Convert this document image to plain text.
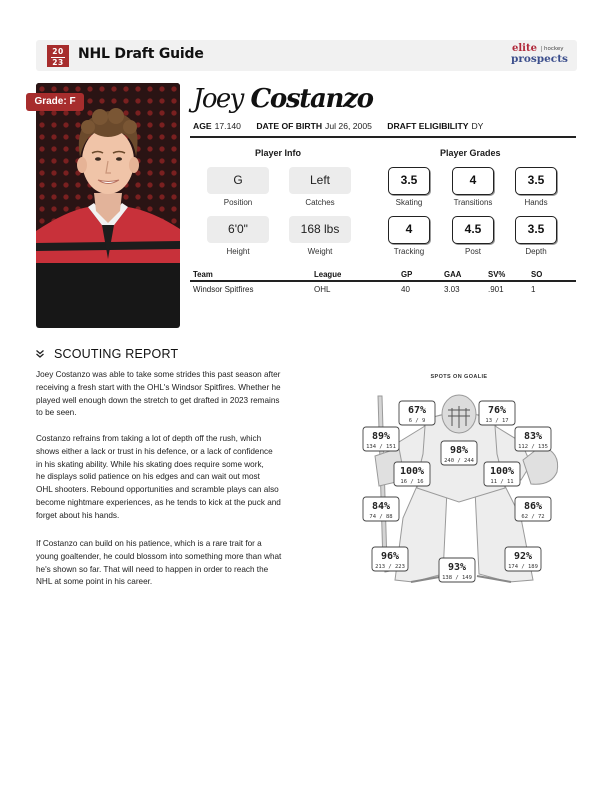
20
23
NHL Draft Guide	elite	hockey
prospects
Grade: F	Joey Costanzo
AGE 17.140 DATE OF BIRTH Jul 26, 2005 DRAFT ELIGIBILITY DY
Player Info
G
Position
Left
Catches
6'0"
Height
168 lbs
Weight
Player Grades
3.5
Skating
4
Transitions
3.5
Hands
4
Tracking
4.5
Post
3.5
Depth
Team	League	GP	GAA	SV%	SO
Windsor Spitfires	OHL	40	3.03	.901	1
SCOUTING REPORT
Joey Costanzo was able to take some strides this past season after
receiving a fresh start with the OHL's Windsor Spitfires. Whether he
played well enough down the stretch to get drafted in 2023 remains
to be seen.
Costanzo refrains from taking a lot of depth off the rush, which
shows either a lack or trust in his defence, or a lack of confidence
in his skating ability. While his skating does require some work,
he displays solid patience on his edges and can wait out most
OHL shooters. Rebound opportunities and scramble plays can also
become nightmare experiences, as he tends to kick at the puck and
forget about his hands.
If Costanzo can build on his patience, which is a rare trait for a
young goaltender, he could blossom into something more than what
he's shown so far. That will need to happen in order to reach the
NHL at some point in his career.
SPOTS ON GOALIE
67%
6 / 9
76%
13 / 17
89%
134 / 151	98%
240 / 244
83%
112 / 135
100%
16 / 16
100%
11 / 11
84%
74 / 88
86%
62 / 72
96%
213 / 223	93%
138 / 149
92%
174 / 189
